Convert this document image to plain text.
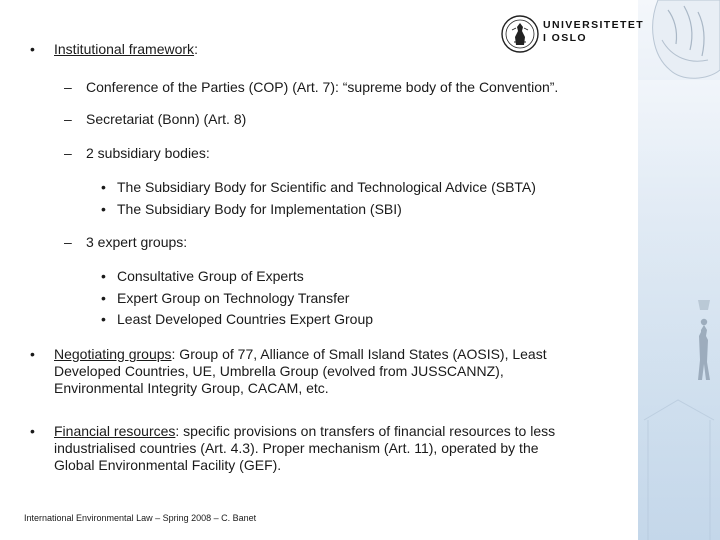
UNIVERSITETET
I OSLO
• Institutional framework:
– Conference of the Parties (COP) (Art. 7): “supreme body of the Convention”.
– Secretariat (Bonn) (Art. 8)
– 2 subsidiary bodies:
• The Subsidiary Body for Scientific and Technological Advice (SBTA)
• The Subsidiary Body for Implementation (SBI)
– 3 expert groups:
• Consultative Group of Experts
• Expert Group on Technology Transfer
• Least Developed Countries Expert Group
• Negotiating groups: Group of 77, Alliance of Small Island States (AOSIS), Least
Developed Countries, UE, Umbrella Group (evolved from JUSSCANNZ),
Environmental Integrity Group, CACAM, etc.
• Financial resources: specific provisions on transfers of financial resources to less
industrialised countries (Art. 4.3). Proper mechanism (Art. 11), operated by the
Global Environmental Facility (GEF).
International Environmental Law – Spring 2008 – C. Banet
